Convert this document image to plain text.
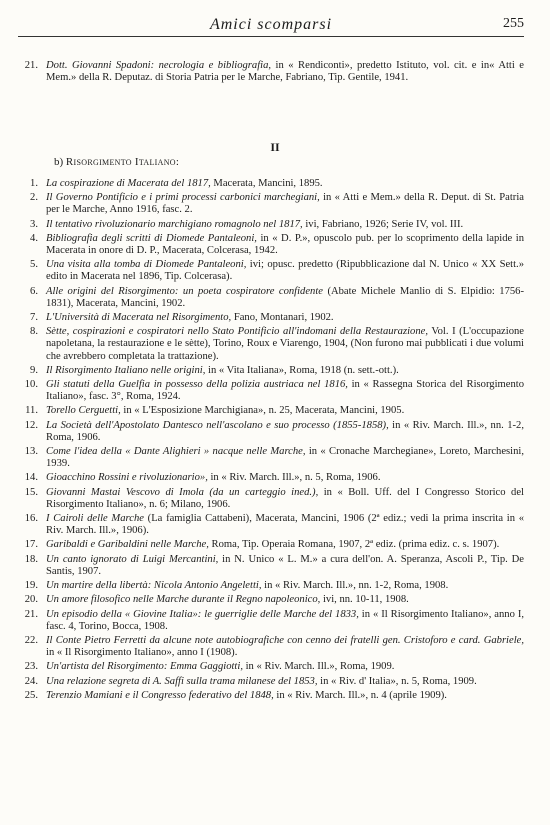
Amici scomparsi	255
21. Dott. Giovanni Spadoni: necrologia e bibliografia, in « Rendiconti», predetto Istituto, vol. cit. e in« Atti e Mem.» della R. Deputaz. di Storia Patria per le Marche, Fabriano, Tip. Gentile, 1941.
II
b) Risorgimento Italiano:
1. La cospirazione di Macerata del 1817, Macerata, Mancini, 1895.
2. Il Governo Pontificio e i primi processi carbonici marchegiani, in « Atti e Mem.» della R. Deput. di St. Patria per le Marche, Anno 1916, fasc. 2.
3. Il tentativo rivoluzionario marchigiano romagnolo nel 1817, ivi, Fabriano, 1926; Serie IV, vol. III.
4. Bibliografia degli scritti di Diomede Pantaleoni, in « D. P.», opuscolo pub. per lo scoprimento della lapide in Macerata in onore di D. P., Macerata, Colcerasa, 1942.
5. Una visita alla tomba di Diomede Pantaleoni, ivi; opusc. predetto (Ripubblicazione dal N. Unico « XX Sett.» edito in Macerata nel 1896, Tip. Colcerasa).
6. Alle origini del Risorgimento: un poeta cospiratore confidente (Abate Michele Manlio di S. Elpidio: 1756-1831), Macerata, Mancini, 1902.
7. L'Università di Macerata nel Risorgimento, Fano, Montanari, 1902.
8. Sètte, cospirazioni e cospiratori nello Stato Pontificio all'indomani della Restaurazione, Vol. I (L'occupazione napoletana, la restaurazione e le sètte), Torino, Roux e Viarengo, 1904, (Non furono mai pubblicati i due volumi che avrebbero completata la trattazione).
9. Il Risorgimento Italiano nelle origini, in « Vita Italiana», Roma, 1918 (n. sett.-ott.).
10. Gli statuti della Guelfia in possesso della polizia austriaca nel 1816, in « Rassegna Storica del Risorgimento Italiano», fasc. 3°, Roma, 1924.
11. Torello Cerguetti, in « L'Esposizione Marchigiana», n. 25, Macerata, Mancini, 1905.
12. La Società dell'Apostolato Dantesco nell'ascolano e suo processo (1855-1858), in « Riv. March. Ill.», nn. 1-2, Roma, 1906.
13. Come l'idea della « Dante Alighieri » nacque nelle Marche, in « Cronache Marchegiane», Loreto, Marchesini, 1939.
14. Gioacchino Rossini e rivoluzionario», in « Riv. March. Ill.», n. 5, Roma, 1906.
15. Giovanni Mastai Vescovo di Imola (da un carteggio ined.), in « Boll. Uff. del I Congresso Storico del Risorgimento Italiano», n. 6; Milano, 1906.
16. I Cairoli delle Marche (La famiglia Cattabeni), Macerata, Mancini, 1906 (2ª ediz.; vedi la prima inscrita in « Riv. March. Ill.», 1906).
17. Garibaldi e Garibaldini nelle Marche, Roma, Tip. Operaia Romana, 1907, 2ª ediz. (prima ediz. c. s. 1907).
18. Un canto ignorato di Luigi Mercantini, in N. Unico « L. M.» a cura dell'on. A. Speranza, Ascoli P., Tip. De Santis, 1907.
19. Un martire della libertà: Nicola Antonio Angeletti, in « Riv. March. Ill.», nn. 1-2, Roma, 1908.
20. Un amore filosofico nelle Marche durante il Regno napoleonico, ivi, nn. 10-11, 1908.
21. Un episodio della « Giovine Italia»: le guerriglie delle Marche del 1833, in « Il Risorgimento Italiano», anno I, fasc. 4, Torino, Bocca, 1908.
22. Il Conte Pietro Ferretti da alcune note autobiografiche con cenno dei fratelli gen. Cristoforo e card. Gabriele, in « Il Risorgimento Italiano», anno I (1908).
23. Un'artista del Risorgimento: Emma Gaggiotti, in « Riv. March. Ill.», Roma, 1909.
24. Una relazione segreta di A. Saffi sulla trama milanese del 1853, in « Riv. d' Italia», n. 5, Roma, 1909.
25. Terenzio Mamiani e il Congresso federativo del 1848, in « Riv. March. Ill.», n. 4 (aprile 1909).
